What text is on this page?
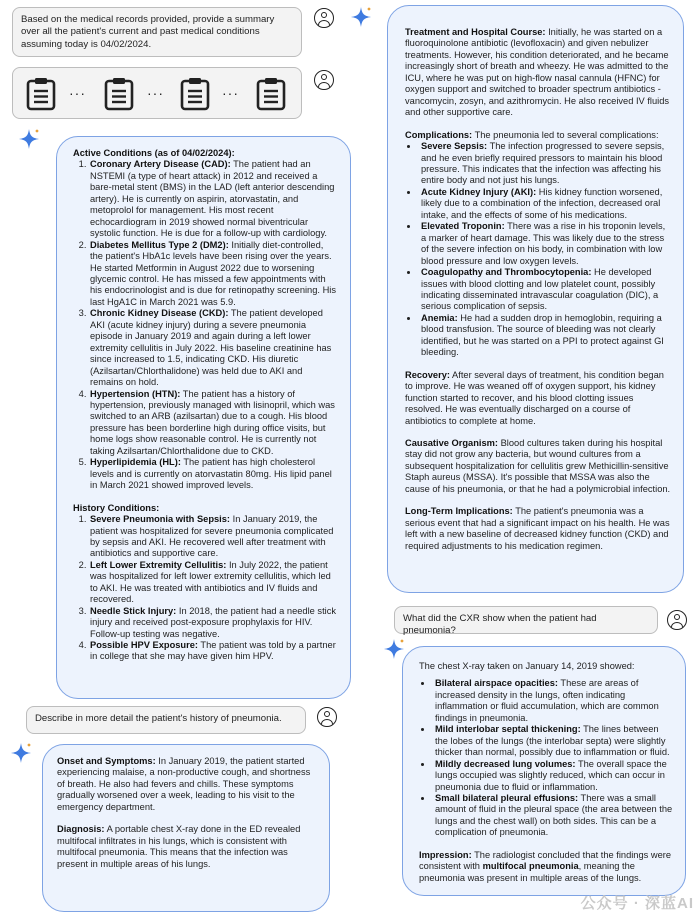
Based on the medical records provided, provide a summary over all the patient's current and past medical conditions assuming today is 04/02/2024.
···	···	···
Active Conditions (as of 04/02/2024):
1. Coronary Artery Disease (CAD): The patient had an NSTEMI (a type of heart attack) in 2012 and received a bare-metal stent (BMS) in the LAD (left anterior descending artery). He is currently on aspirin, atorvastatin, and metoprolol for management. His most recent echocardiogram in 2019 showed normal biventricular systolic function. He is due for a follow-up with cardiology.
2. Diabetes Mellitus Type 2 (DM2): Initially diet-controlled, the patient's HbA1c levels have been rising over the years. He started Metformin in August 2022 due to worsening glycemic control. He has missed a few appointments with his endocrinologist and is due for retinopathy screening. His last HgA1C in March 2021 was 5.9.
3. Chronic Kidney Disease (CKD): The patient developed AKI (acute kidney injury) during a severe pneumonia episode in January 2019 and again during a left lower extremity cellulitis in July 2022. His baseline creatinine has since increased to 1.5, indicating CKD. His diuretic (Azilsartan/Chlorthalidone) was held due to AKI and remains on hold.
4. Hypertension (HTN): The patient has a history of hypertension, previously managed with lisinopril, which was switched to an ARB (azilsartan) due to a cough. His blood pressure has been borderline high during office visits, but home logs show reasonable control. He is currently not taking Azilsartan/Chlorthalidone due to CKD.
5. Hyperlipidemia (HL): The patient has high cholesterol levels and is currently on atorvastatin 80mg. His lipid panel in March 2021 showed improved levels.
History Conditions:
1. Severe Pneumonia with Sepsis: In January 2019, the patient was hospitalized for severe pneumonia complicated by sepsis and AKI. He recovered well after treatment with antibiotics and supportive care.
2. Left Lower Extremity Cellulitis: In July 2022, the patient was hospitalized for left lower extremity cellulitis, which led to AKI. He was treated with antibiotics and IV fluids and recovered.
3. Needle Stick Injury: In 2018, the patient had a needle stick injury and received post-exposure prophylaxis for HIV. Follow-up testing was negative.
4. Possible HPV Exposure: The patient was told by a partner in college that she may have given him HPV.
Describe in more detail the patient's history of pneumonia.
Onset and Symptoms: In January 2019, the patient started experiencing malaise, a non-productive cough, and shortness of breath. He also had fevers and chills. These symptoms gradually worsened over a week, leading to his visit to the emergency department.
Diagnosis: A portable chest X-ray done in the ED revealed multifocal infiltrates in his lungs, which is consistent with multifocal pneumonia. This means that the infection was present in multiple areas of his lungs.
Treatment and Hospital Course: Initially, he was started on a fluoroquinolone antibiotic (levofloxacin) and given nebulizer treatments. However, his condition deteriorated, and he became increasingly short of breath and wheezy. He was admitted to the ICU, where he was put on high-flow nasal cannula (HFNC) for oxygen support and switched to broader spectrum antibiotics - vancomycin, zosyn, and azithromycin. He also received IV fluids and other supportive care.
Complications: The pneumonia led to several complications:
• Severe Sepsis: The infection progressed to severe sepsis, and he even briefly required pressors to maintain his blood pressure. This indicates that the infection was affecting his entire body and not just his lungs.
• Acute Kidney Injury (AKI): His kidney function worsened, likely due to a combination of the infection, decreased oral intake, and the effects of some of his medications.
• Elevated Troponin: There was a rise in his troponin levels, a marker of heart damage. This was likely due to the stress of the severe infection on his body, in combination with low blood pressure and low oxygen levels.
• Coagulopathy and Thrombocytopenia: He developed issues with blood clotting and low platelet count, possibly indicating disseminated intravascular coagulation (DIC), a serious complication of sepsis.
• Anemia: He had a sudden drop in hemoglobin, requiring a blood transfusion. The source of bleeding was not clearly identified, but he was started on a PPI to protect against GI bleeding.
Recovery: After several days of treatment, his condition began to improve. He was weaned off of oxygen support, his kidney function started to recover, and his blood clotting issues resolved. He was eventually discharged on a course of antibiotics to complete at home.
Causative Organism: Blood cultures taken during his hospital stay did not grow any bacteria, but wound cultures from a subsequent hospitalization for cellulitis grew Methicillin-sensitive Staph aureus (MSSA). It's possible that MSSA was also the cause of his pneumonia, or that he had a polymicrobial infection.
Long-Term Implications: The patient's pneumonia was a serious event that had a significant impact on his health. He was left with a new baseline of decreased kidney function (CKD) and required adjustments to his medication regimen.
What did the CXR show when the patient had pneumonia?
The chest X-ray taken on January 14, 2019 showed:
• Bilateral airspace opacities: These are areas of increased density in the lungs, often indicating inflammation or fluid accumulation, which are common findings in pneumonia.
• Mild interlobar septal thickening: The lines between the lobes of the lungs (the interlobar septa) were slightly thicker than normal, possibly due to inflammation or fluid.
• Mildly decreased lung volumes: The overall space the lungs occupied was slightly reduced, which can occur in pneumonia due to fluid or inflammation.
• Small bilateral pleural effusions: There was a small amount of fluid in the pleural space (the area between the lungs and the chest wall) on both sides. This can be a complication of pneumonia.
Impression: The radiologist concluded that the findings were consistent with multifocal pneumonia, meaning the pneumonia was present in multiple areas of the lungs.
公众号 · 深蓝AI
